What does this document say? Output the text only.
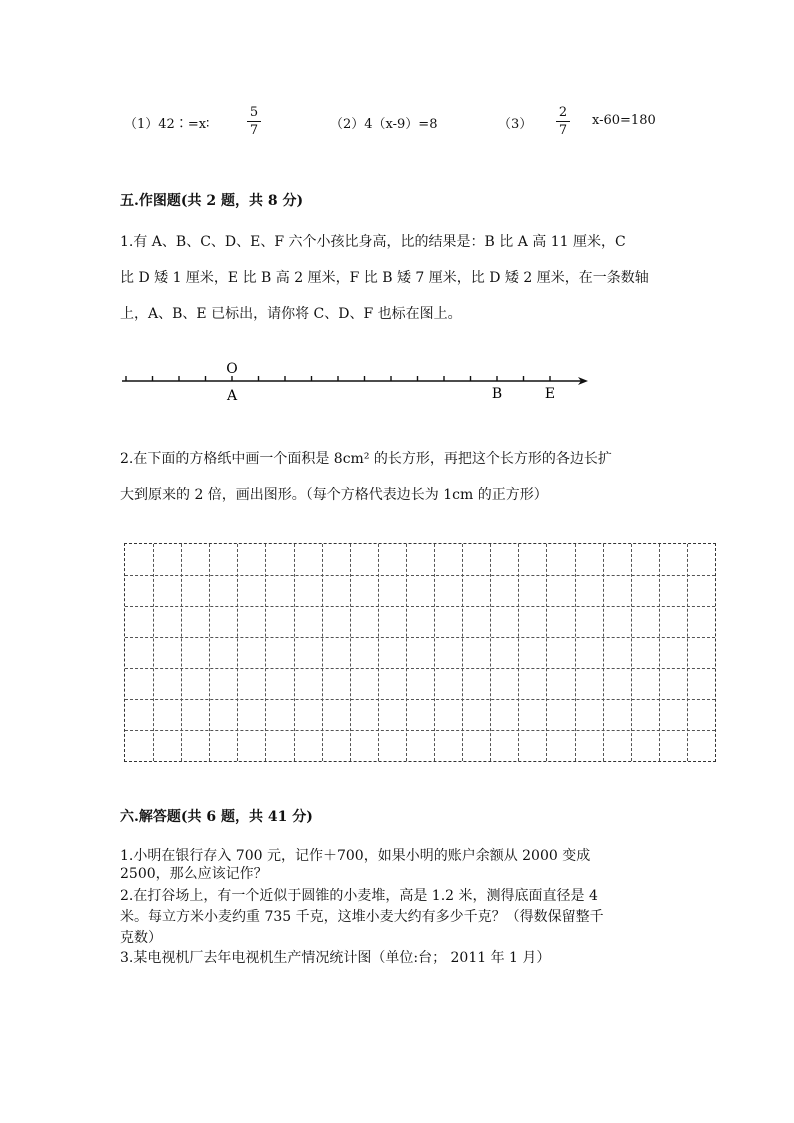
（1）42∶=x∶
5
7	（2）4（x-9）=8	（3）
2
7
x-60=180
五.作图题(共 2 题，共 8 分)
1.有 A、B、C、D、E、F 六个小孩比身高，比的结果是：B 比 A 高 11 厘米，C
比 D 矮 1 厘米，E 比 B 高 2 厘米，F 比 B 矮 7 厘米，比 D 矮 2 厘米，在一条数轴
上，A、B、E 已标出，请你将 C、D、F 也标在图上。
O
A	B	E
2.在下面的方格纸中画一个面积是 8cm² 的长方形，再把这个长方形的各边长扩
大到原来的 2 倍，画出图形。（每个方格代表边长为 1cm 的正方形）
六.解答题(共 6 题，共 41 分)
1.小明在银行存入 700 元，记作＋700，如果小明的账户余额从 2000 变成
2500，那么应该记作？
2.在打谷场上，有一个近似于圆锥的小麦堆，高是 1.2 米，测得底面直径是 4
米。每立方米小麦约重 735 千克，这堆小麦大约有多少千克？（得数保留整千
克数）
3.某电视机厂去年电视机生产情况统计图（单位:台； 2011 年 1 月）
